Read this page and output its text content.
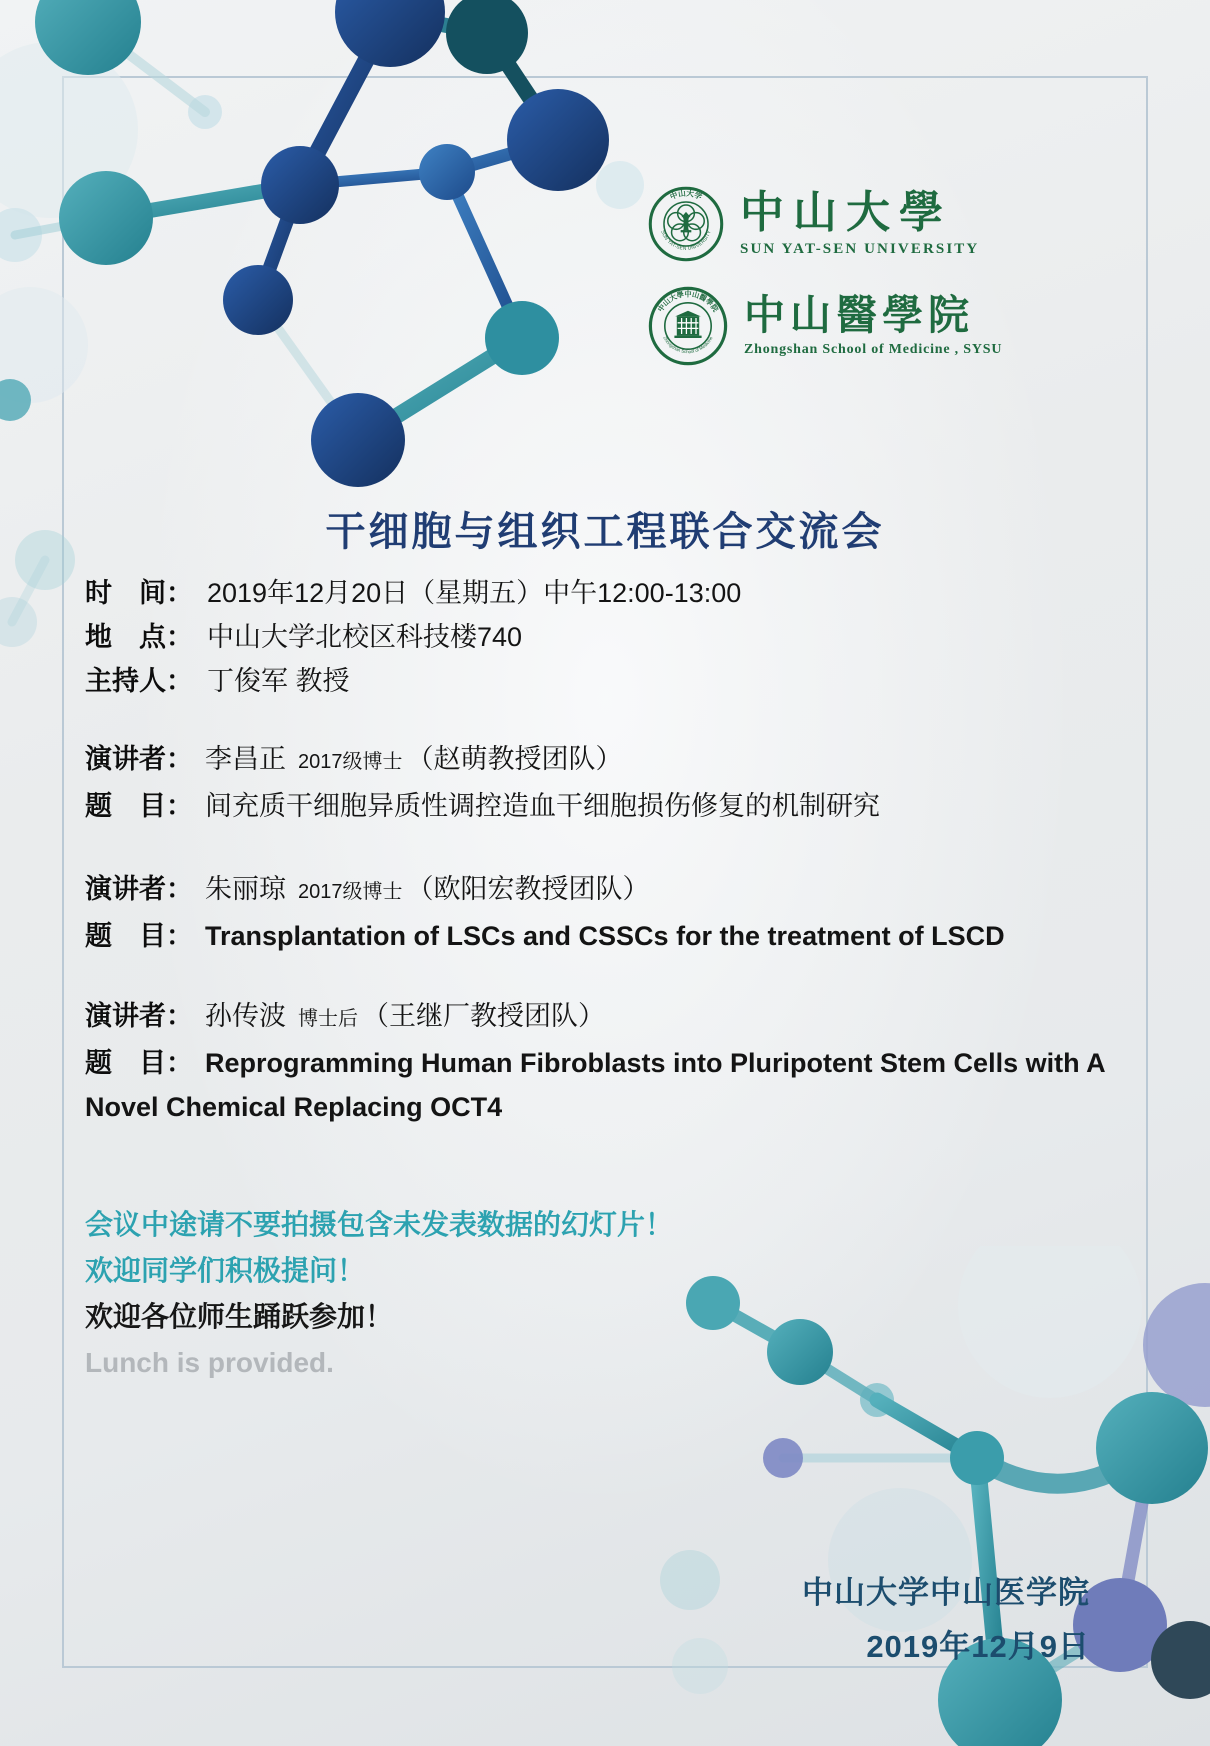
中山大学
SUN YAT-SEN UNIVERSITY 中山大學
SUN YAT-SEN UNIVERSITY
中山大學中山醫學院
Zhongshan School of Medicine 中山醫學院
Zhongshan School of Medicine , SYSU
干细胞与组织工程联合交流会

时　间： 2019年12月20日（星期五）中午12:00-13:00

地　点： 中山大学北校区科技楼740

主持人： 丁俊军 教授

演讲者： 李昌正 2017级博士 （赵萌教授团队）

题　目： 间充质干细胞异质性调控造血干细胞损伤修复的机制研究

演讲者： 朱丽琼 2017级博士 （欧阳宏教授团队）

题　目： Transplantation of LSCs and CSSCs for the treatment of LSCD

演讲者： 孙传波 博士后 （王继厂教授团队）

题　目： Reprogramming Human Fibroblasts into Pluripotent Stem Cells with A Novel Chemical Replacing OCT4

会议中途请不要拍摄包含未发表数据的幻灯片！

欢迎同学们积极提问！

欢迎各位师生踊跃参加！

Lunch is provided.

中山大学中山医学院

2019年12月9日
